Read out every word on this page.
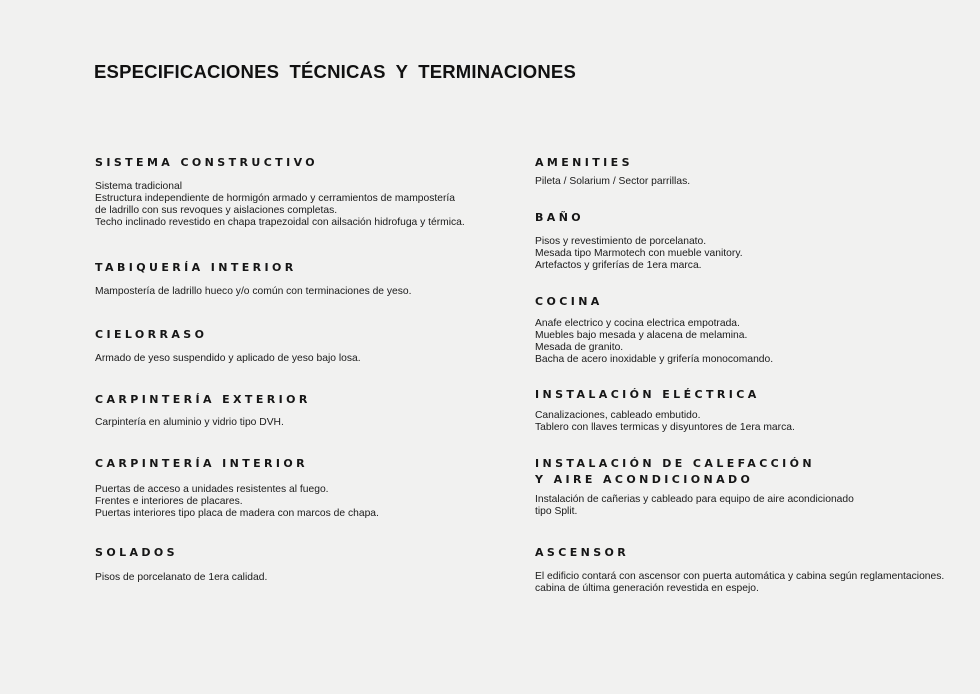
ESPECIFICACIONES TÉCNICAS Y TERMINACIONES
SISTEMA CONSTRUCTIVO

Sistema tradicional
Estructura independiente de hormigón armado y cerramientos de mampostería
de ladrillo con sus revoques y aislaciones completas.
Techo inclinado revestido en chapa trapezoidal con ailsación hidrofuga y térmica.

TABIQUERÍA INTERIOR

Mampostería de ladrillo hueco y/o común con terminaciones de yeso.

CIELORRASO

Armado de yeso suspendido y aplicado de yeso bajo losa.

CARPINTERÍA EXTERIOR

Carpintería en aluminio y vidrio tipo DVH.

CARPINTERÍA INTERIOR

Puertas de acceso a unidades resistentes al fuego.
Frentes e interiores de placares.
Puertas interiores tipo placa de madera con marcos de chapa.

SOLADOS

Pisos de porcelanato de 1era calidad.

AMENITIES

Pileta / Solarium / Sector parrillas.

BAÑO

Pisos y revestimiento de porcelanato.
Mesada tipo Marmotech con mueble vanitory.
Artefactos y griferías de 1era marca.

COCINA

Anafe electrico y cocina electrica empotrada.
Muebles bajo mesada y alacena de melamina.
Mesada de granito.
Bacha de acero inoxidable y grifería monocomando.

INSTALACIÓN ELÉCTRICA

Canalizaciones, cableado embutido.
Tablero con llaves termicas y disyuntores de 1era marca.

INSTALACIÓN DE CALEFACCIÓN
Y AIRE ACONDICIONADO

Instalación de cañerias y cableado para equipo de aire acondicionado
tipo Split.

ASCENSOR

El edificio contará con ascensor con puerta automática y cabina según reglamentaciones.
cabina de última generación revestida en espejo.
